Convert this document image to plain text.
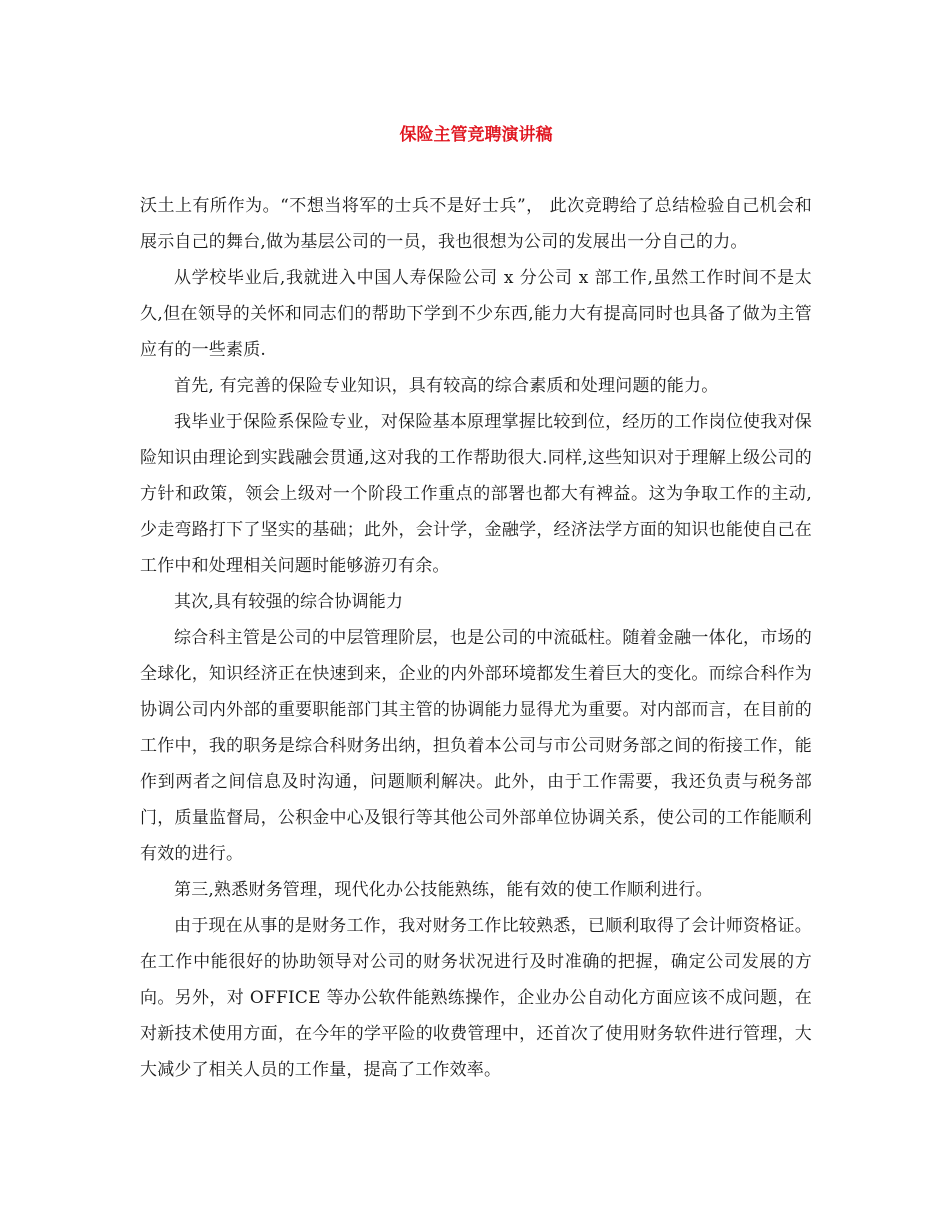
保险主管竞聘演讲稿

沃土上有所作为。“不想当将军的士兵不是好士兵”， 此次竞聘给了总结检验自己机会和展示自己的舞台,做为基层公司的一员，我也很想为公司的发展出一分自己的力。

从学校毕业后,我就进入中国人寿保险公司 x 分公司 x 部工作,虽然工作时间不是太久,但在领导的关怀和同志们的帮助下学到不少东西,能力大有提高同时也具备了做为主管应有的一些素质.

首先, 有完善的保险专业知识，具有较高的综合素质和处理问题的能力。

我毕业于保险系保险专业，对保险基本原理掌握比较到位，经历的工作岗位使我对保险知识由理论到实践融会贯通,这对我的工作帮助很大.同样,这些知识对于理解上级公司的方针和政策，领会上级对一个阶段工作重点的部署也都大有裨益。这为争取工作的主动,少走弯路打下了坚实的基础；此外，会计学，金融学，经济法学方面的知识也能使自己在工作中和处理相关问题时能够游刃有余。

其次,具有较强的综合协调能力

综合科主管是公司的中层管理阶层，也是公司的中流砥柱。随着金融一体化，市场的全球化，知识经济正在快速到来，企业的内外部环境都发生着巨大的变化。而综合科作为协调公司内外部的重要职能部门其主管的协调能力显得尤为重要。对内部而言，在目前的工作中，我的职务是综合科财务出纳，担负着本公司与市公司财务部之间的衔接工作，能作到两者之间信息及时沟通，问题顺利解决。此外，由于工作需要，我还负责与税务部门，质量监督局，公积金中心及银行等其他公司外部单位协调关系，使公司的工作能顺利有效的进行。

第三,熟悉财务管理，现代化办公技能熟练，能有效的使工作顺利进行。

由于现在从事的是财务工作，我对财务工作比较熟悉，已顺利取得了会计师资格证。在工作中能很好的协助领导对公司的财务状况进行及时准确的把握，确定公司发展的方向。另外，对 OFFICE 等办公软件能熟练操作，企业办公自动化方面应该不成问题，在对新技术使用方面，在今年的学平险的收费管理中，还首次了使用财务软件进行管理，大大减少了相关人员的工作量，提高了工作效率。
